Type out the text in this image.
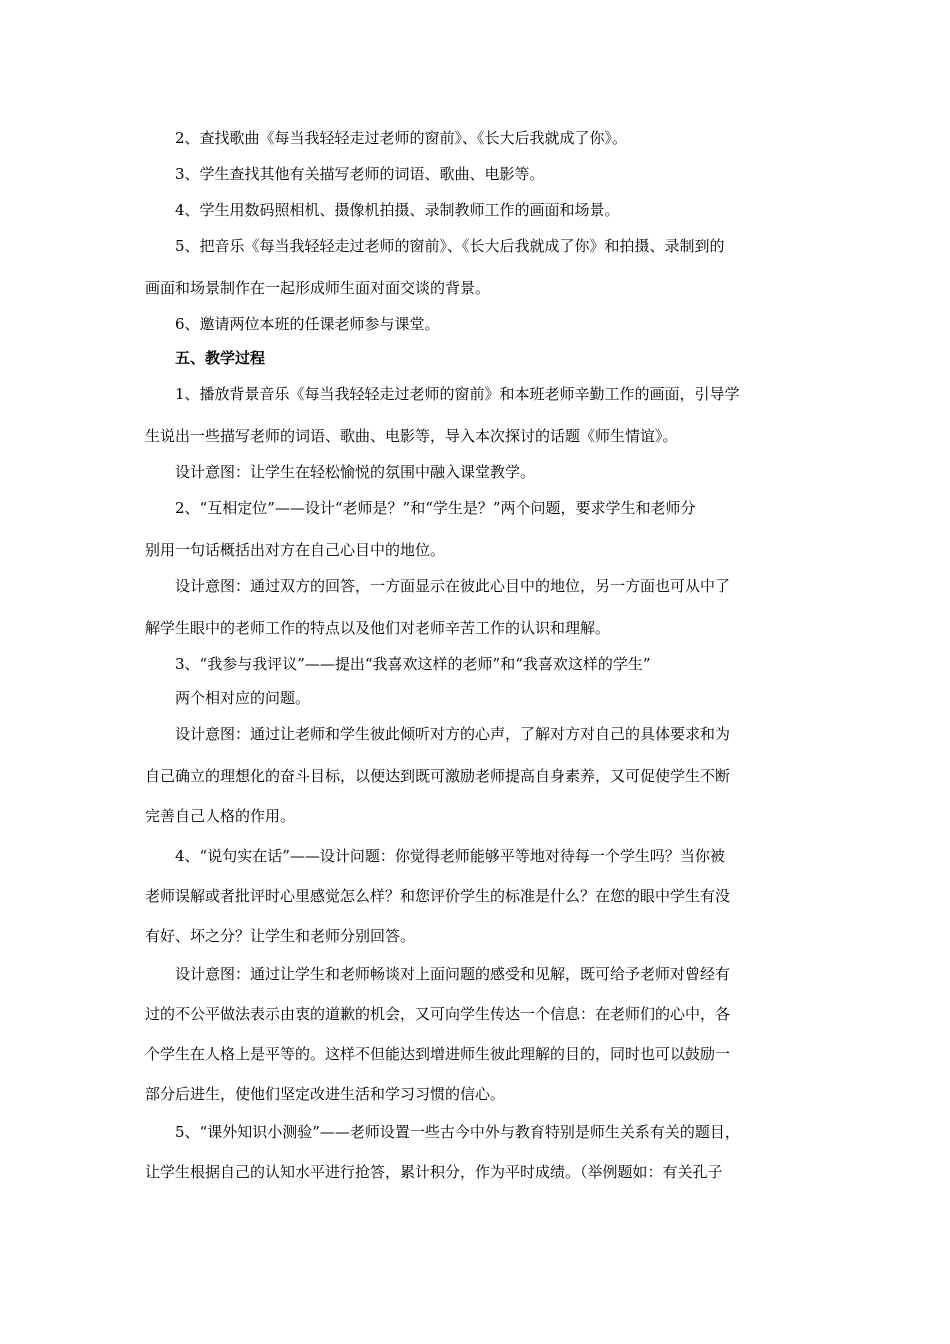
2、查找歌曲《每当我轻轻走过老师的窗前》、《长大后我就成了你》。
3、学生查找其他有关描写老师的词语、歌曲、电影等。
4、学生用数码照相机、摄像机拍摄、录制教师工作的画面和场景。
5、把音乐《每当我轻轻走过老师的窗前》、《长大后我就成了你》和拍摄、录制到的
画面和场景制作在一起形成师生面对面交谈的背景。
6、邀请两位本班的任课老师参与课堂。
五、教学过程
1、播放背景音乐《每当我轻轻走过老师的窗前》和本班老师辛勤工作的画面，引导学
生说出一些描写老师的词语、歌曲、电影等，导入本次探讨的话题《师生情谊》。
设计意图：让学生在轻松愉悦的氛围中融入课堂教学。
2、“互相定位”——设计“老师是？”和“学生是？”两个问题，要求学生和老师分
别用一句话概括出对方在自己心目中的地位。
设计意图：通过双方的回答，一方面显示在彼此心目中的地位，另一方面也可从中了
解学生眼中的老师工作的特点以及他们对老师辛苦工作的认识和理解。
3、“我参与我评议”——提出“我喜欢这样的老师”和“我喜欢这样的学生”
两个相对应的问题。
设计意图：通过让老师和学生彼此倾听对方的心声，了解对方对自己的具体要求和为
自己确立的理想化的奋斗目标，以便达到既可激励老师提高自身素养，又可促使学生不断
完善自己人格的作用。
4、“说句实在话”——设计问题：你觉得老师能够平等地对待每一个学生吗？当你被
老师误解或者批评时心里感觉怎么样？和您评价学生的标准是什么？在您的眼中学生有没
有好、坏之分？让学生和老师分别回答。
设计意图：通过让学生和老师畅谈对上面问题的感受和见解，既可给予老师对曾经有
过的不公平做法表示由衷的道歉的机会，又可向学生传达一个信息：在老师们的心中，各
个学生在人格上是平等的。这样不但能达到增进师生彼此理解的目的，同时也可以鼓励一
部分后进生，使他们坚定改进生活和学习习惯的信心。
5、“课外知识小测验”——老师设置一些古今中外与教育特别是师生关系有关的题目，
让学生根据自己的认知水平进行抢答，累计积分，作为平时成绩。（举例题如：有关孔子
